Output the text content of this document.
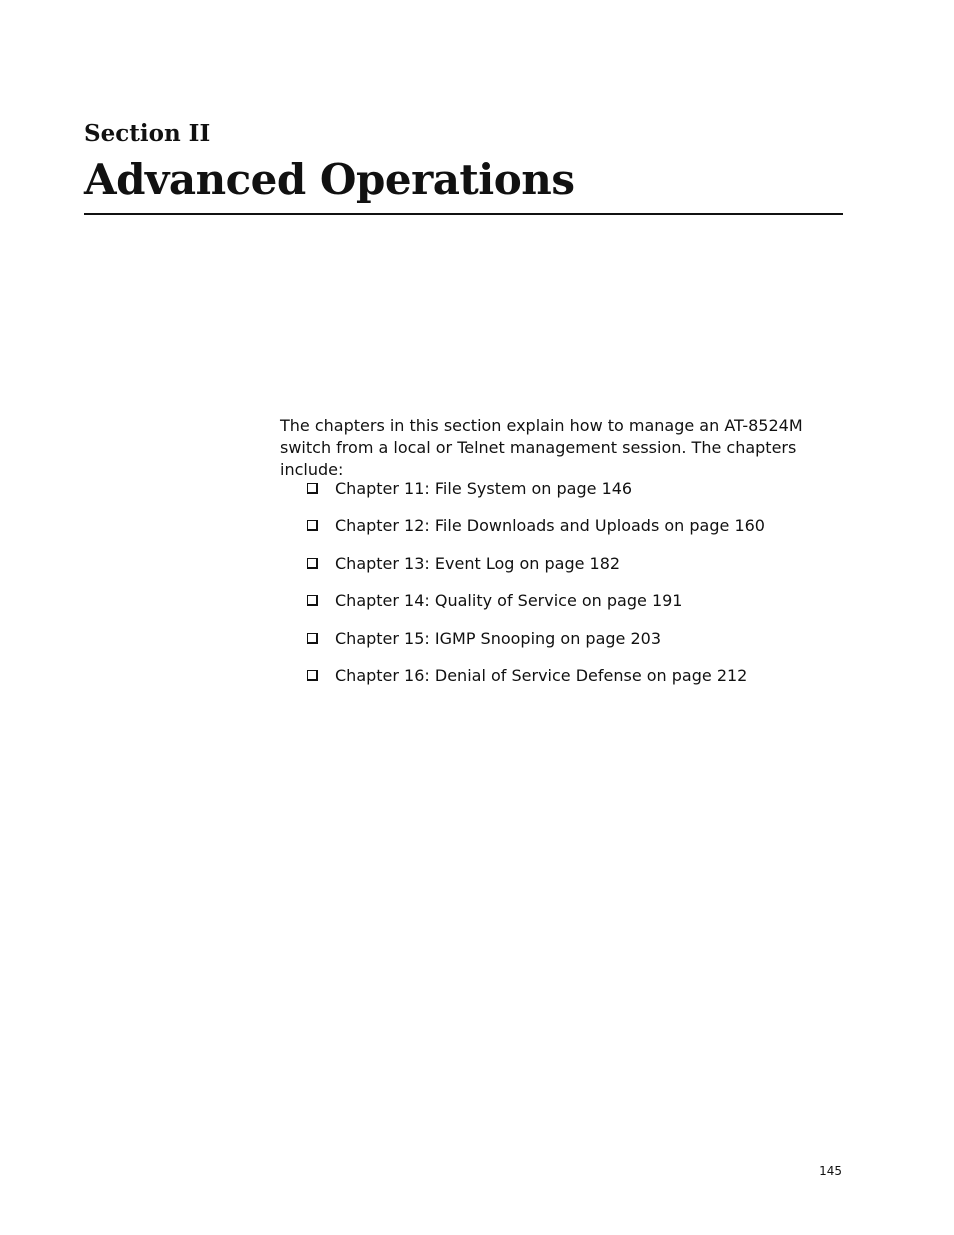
Section II
Advanced Operations

The chapters in this section explain how to manage an AT-8524M switch from a local or Telnet management session. The chapters include:

Chapter 11: File System on page 146
Chapter 12: File Downloads and Uploads on page 160
Chapter 13: Event Log on page 182
Chapter 14: Quality of Service on page 191
Chapter 15: IGMP Snooping on page 203
Chapter 16: Denial of Service Defense on page 212
145
